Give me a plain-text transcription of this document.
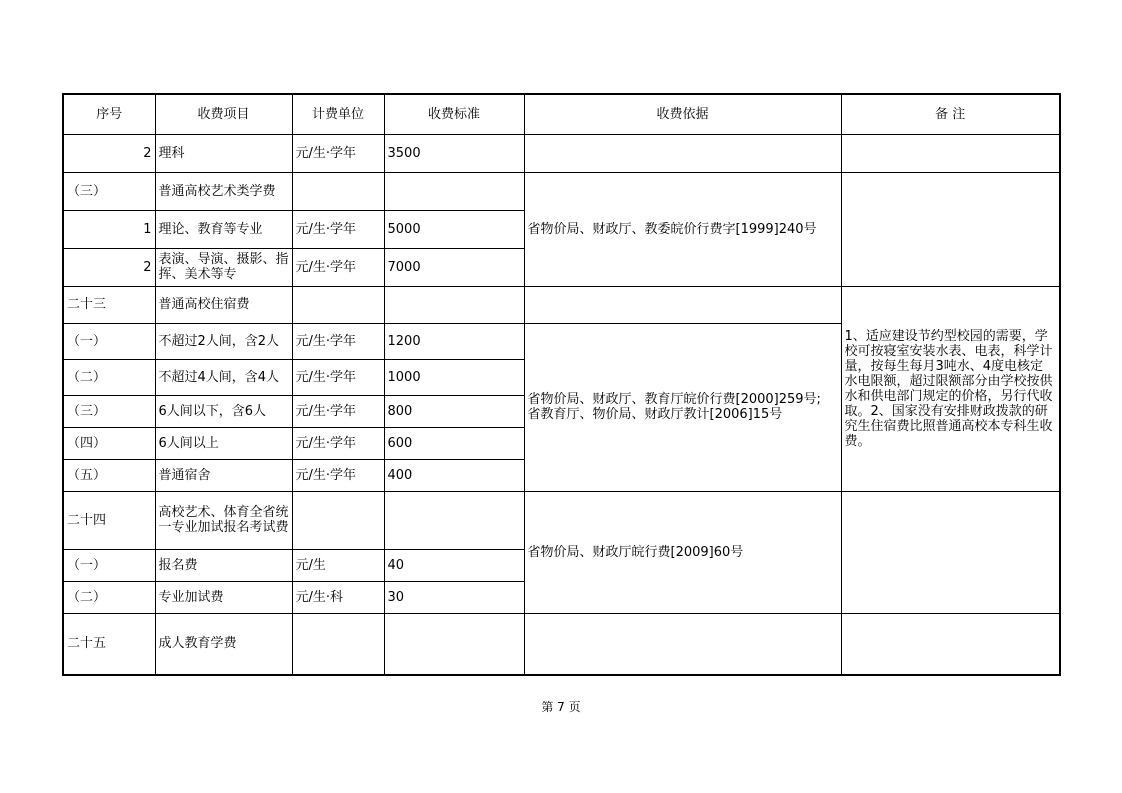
序号	收费项目	计费单位	收费标准	收费依据	备 注
2	理科	元/生·学年	3500		
（三）	普通高校艺术类学费			省物价局、财政厅、教委皖价行费字[1999]240号	
1	理论、教育等专业	元/生·学年	5000		
2	表演、导演、摄影、指挥、美术等专	元/生·学年	7000		
二十三	普通高校住宿费				1、适应建设节约型校园的需要，学校可按寝室安装水表、电表，科学计量，按每生每月3吨水、4度电核定水电限额，超过限额部分由学校按供水和供电部门规定的价格，另行代收取。2、国家没有安排财政拨款的研究生住宿费比照普通高校本专科生收费。
（一）	不超过2人间，含2人	元/生·学年	1200	省物价局、财政厅、教育厅皖价行费[2000]259号;
省教育厅、物价局、财政厅教计[2006]15号	

（二）	不超过4人间，含4人	元/生·学年	1000		
（三）	6人间以下，含6人	元/生·学年	800		
（四）	6人间以上	元/生·学年	600		
（五）	普通宿舍	元/生·学年	400		
二十四	高校艺术、体育全省统一专业加试报名考试费			省物价局、财政厅皖行费[2009]60号	
（一）	报名费	元/生	40		
（二）	专业加试费	元/生·科	30		
二十五	成人教育学费				
第 7 页
